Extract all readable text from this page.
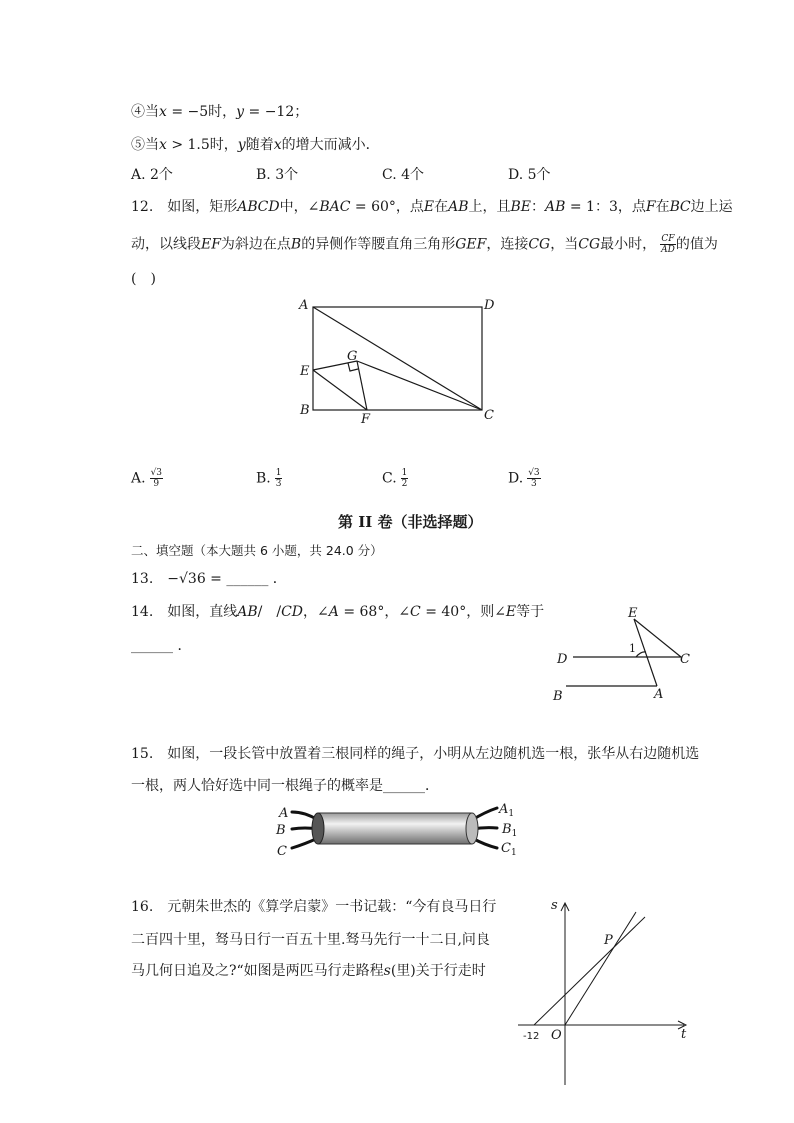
④当𝑥 = −5时，𝑦 = −12；
⑤当𝑥 > 1.5时，𝑦随着𝑥的增大而减小．
A. 2个	B. 3个	C. 4个	D. 5个
12.　如图，矩形𝐴𝐵𝐶𝐷中，∠𝐵𝐴𝐶 = 60°，点𝐸在𝐴𝐵上，且𝐵𝐸：𝐴𝐵 = 1：3，点𝐹在𝐵𝐶边上运
动，以线段𝐸𝐹为斜边在点𝐵的异侧作等腰直角三角形𝐺𝐸𝐹，连接𝐶𝐺，当𝐶𝐺最小时， $\frac{\text{𝐶𝐹}}{\text{𝐴𝐷}}$ 的值为
(　)
A	D
E
B	C
F
G
A. $\frac{√3}{9}$	B. $\frac{1}{3}$	C. $\frac{1}{2}$	D. $\frac{√3}{3}$
第 II 卷（非选择题）
二、填空题（本大题共 6 小题，共 24.0 分）
13.　−√36 = ______ ．
14.　如图，直线𝐴𝐵/　/𝐶𝐷，∠𝐴 = 68°，∠𝐶 = 40°，则∠𝐸等于
______ ．
E
D	C
B	A
1
15.　如图，一段长管中放置着三根同样的绳子，小明从左边随机选一根，张华从右边随机选
一根，两人恰好选中同一根绳子的概率是______．
A
B
C
$A_1$
$B_1$
$C_1$
16.　元朝朱世杰的《算学启蒙》一书记载：“今有良马日行
二百四十里，驽马日行一百五十里.驽马先行一十二日,问良
马几何日追及之?“如图是两匹马行走路程𝑠(里)关于行走时
s
t
P
O
-12
